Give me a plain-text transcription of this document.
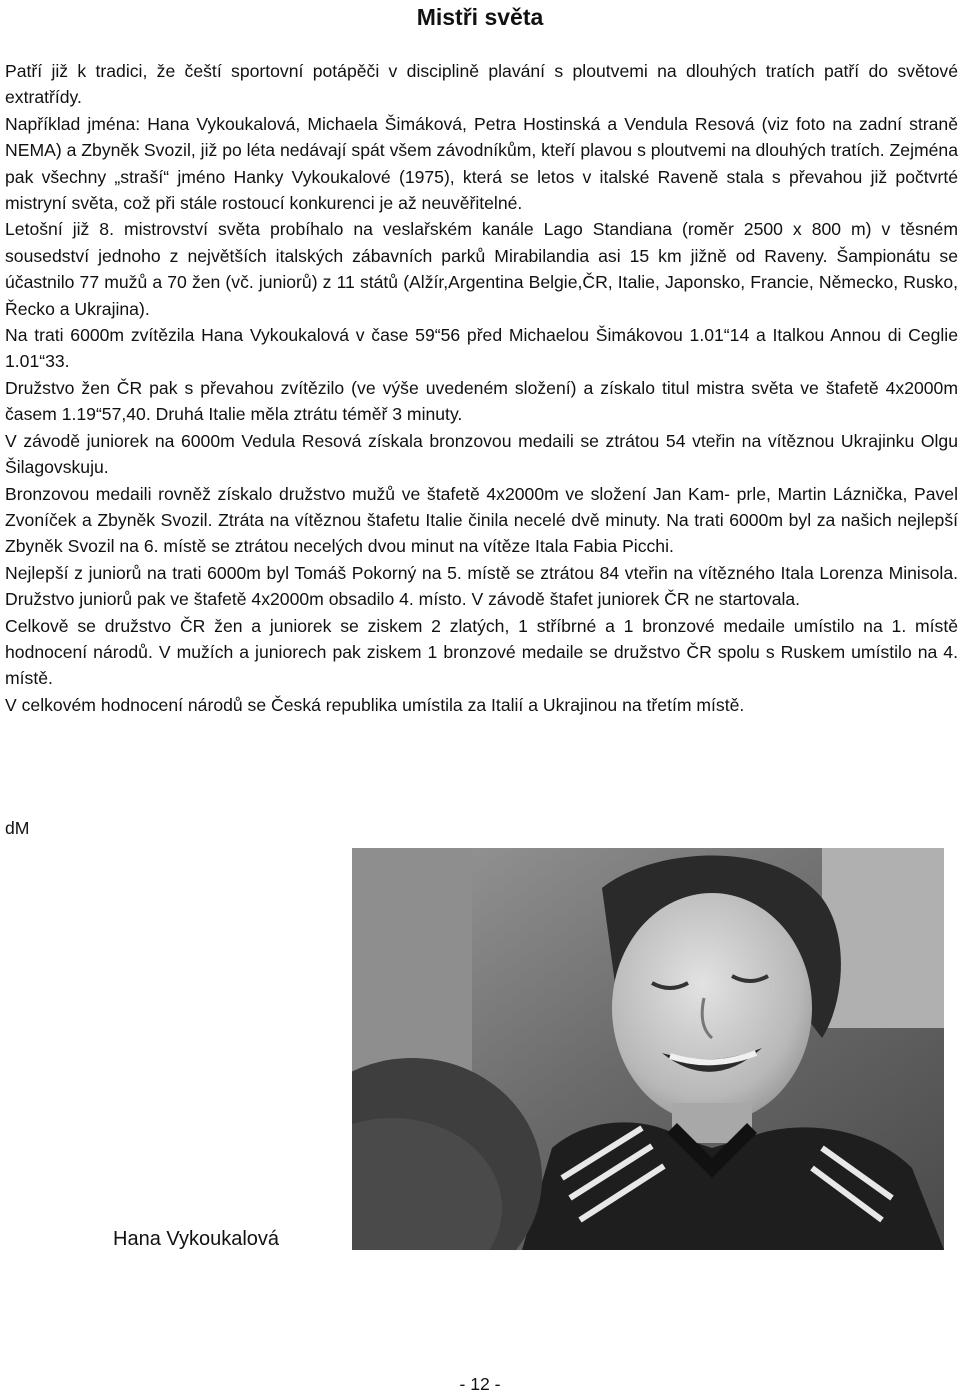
Mistři světa

Patří již k tradici, že čeští sportovní potápěči v disciplině plavání s ploutvemi na dlouhých tratích patří do světové extratřídy.

Například jména: Hana Vykoukalová, Michaela Šimáková, Petra Hostinská a Vendula Resová (viz foto na zadní straně NEMA) a Zbyněk Svozil, již po léta nedávají spát všem závodníkům, kteří plavou s ploutvemi na dlouhých tratích. Zejména pak všechny „straší“ jméno Hanky Vykoukalové (1975), která se letos v italské Raveně stala s převahou již počtvrté mistryní světa, což při stále rostoucí konkurenci je až neuvěřitelné.

Letošní již 8. mistrovství světa probíhalo na veslařském kanále Lago Standiana (roměr 2500 x 800 m) v těsném sousedství jednoho z největších italských zábavních parků Mirabilandia asi 15 km jižně od Raveny. Šampionátu se účastnilo 77 mužů a 70 žen (vč. juniorů) z 11 států (Alžír,Argentina Belgie,ČR, Italie, Japonsko, Francie, Německo, Rusko, Řecko a Ukrajina).

Na trati 6000m zvítězila Hana Vykoukalová v čase 59“56 před Michaelou Šimákovou 1.01“14 a Italkou Annou di Ceglie 1.01“33.

Družstvo žen ČR pak s převahou zvítězilo (ve výše uvedeném složení) a získalo titul mistra světa ve štafetě 4x2000m časem 1.19“57,40. Druhá Italie měla ztrátu téměř 3 minuty.

V závodě juniorek na 6000m Vedula Resová získala bronzovou medaili se ztrátou 54 vteřin na vítěznou Ukrajinku Olgu Šilagovskuju.

Bronzovou medaili rovněž získalo družstvo mužů ve štafetě 4x2000m ve složení Jan Kam- prle, Martin Láznička, Pavel Zvoníček a Zbyněk Svozil. Ztráta na vítěznou štafetu Italie činila necelé dvě minuty. Na trati 6000m byl za našich nejlepší Zbyněk Svozil na 6. místě se ztrátou necelých dvou minut na vítěze Itala Fabia Picchi.

Nejlepší z juniorů na trati 6000m byl Tomáš Pokorný na 5. místě se ztrátou 84 vteřin na vítězného Itala Lorenza Minisola. Družstvo juniorů pak ve štafetě 4x2000m obsadilo 4. místo. V závodě štafet juniorek ČR ne startovala.

Celkově se družstvo ČR žen a juniorek se ziskem 2 zlatých, 1 stříbrné a 1 bronzové medaile umístilo na 1. místě hodnocení národů. V mužích a juniorech pak ziskem 1 bronzové medaile se družstvo ČR spolu s Ruskem umístilo na 4. místě.

V celkovém hodnocení národů se Česká republika umístila za Italií a Ukrajinou na třetím místě.

dM

Hana Vykoukalová

- 12 -
